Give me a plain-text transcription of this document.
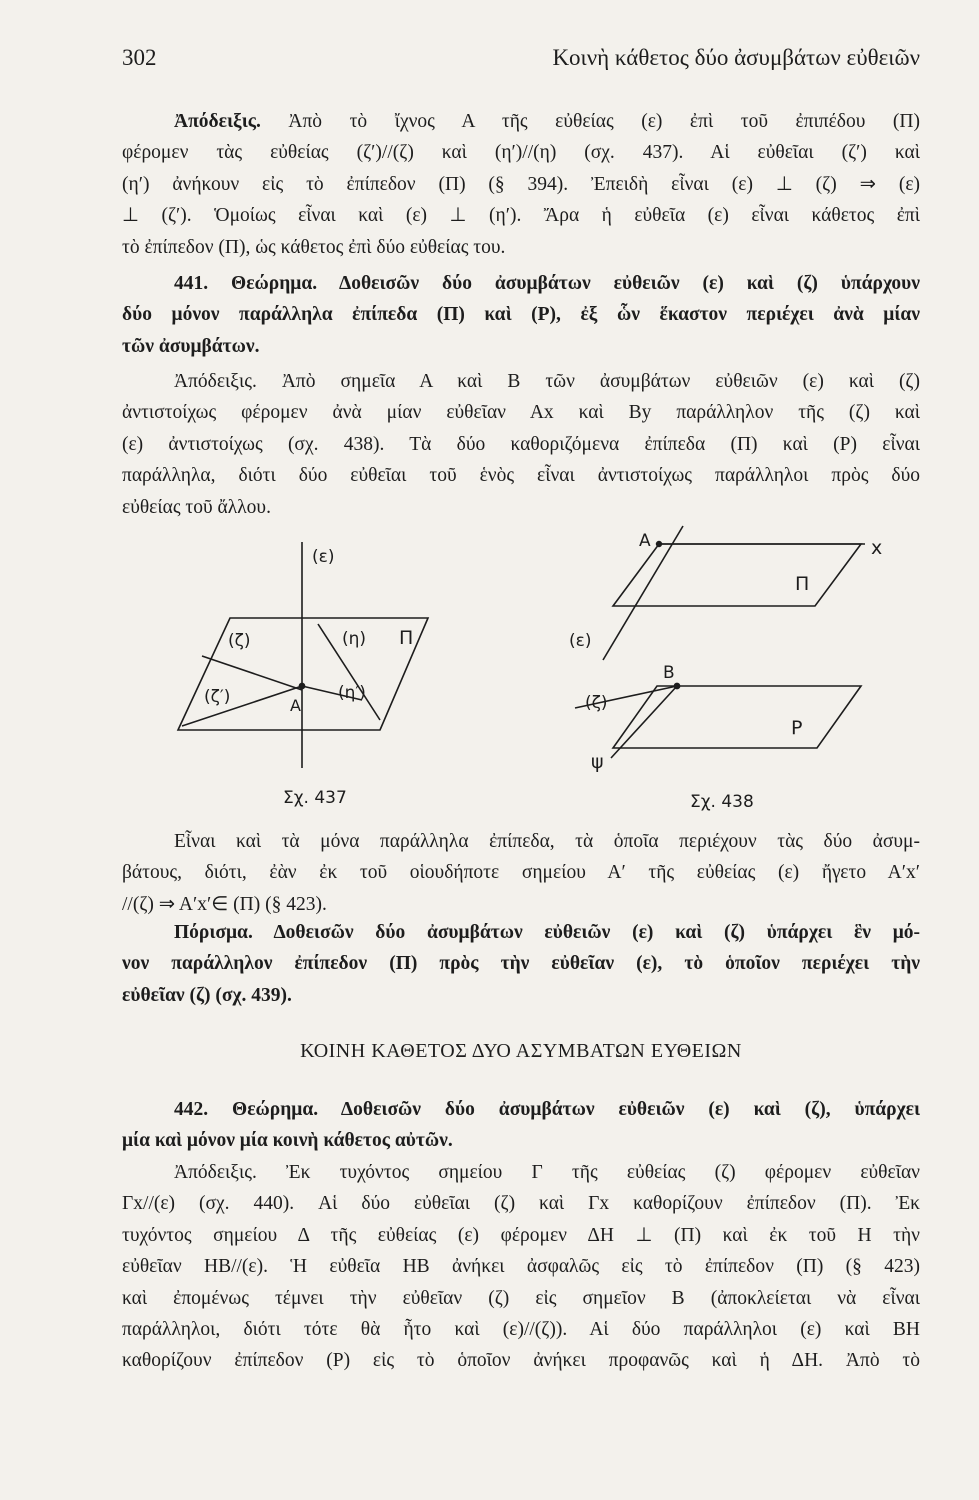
302	Κοινὴ κάθετος δύο ἀσυμβάτων εὐθειῶν
Ἀπόδειξις. Ἀπὸ τὸ ἴχνος Α τῆς εὐθείας (ε) ἐπὶ τοῦ ἐπιπέδου (Π)
φέρομεν τὰς εὐθείας (ζ′)//(ζ) καὶ (η′)//(η) (σχ. 437). Αἱ εὐθεῖαι (ζ′) καὶ
(η′) ἀνήκουν εἰς τὸ ἐπίπεδον (Π) (§ 394). Ἐπειδὴ εἶναι (ε) ⊥ (ζ) ⇒ (ε)
⊥ (ζ′). Ὁμοίως εἶναι καὶ (ε) ⊥ (η′). Ἄρα ἡ εὐθεῖα (ε) εἶναι κάθετος ἐπὶ
τὸ ἐπίπεδον (Π), ὡς κάθετος ἐπὶ δύο εὐθείας του.
441. Θεώρημα. Δοθεισῶν δύο ἀσυμβάτων εὐθειῶν (ε) καὶ (ζ) ὑπάρχουν
δύο μόνον παράλληλα ἐπίπεδα (Π) καὶ (Ρ), ἐξ ὧν ἕκαστον περιέχει ἀνὰ μίαν
τῶν ἀσυμβάτων.
Ἀπόδειξις. Ἀπὸ σημεῖα Α καὶ Β τῶν ἀσυμβάτων εὐθειῶν (ε) καὶ (ζ)
ἀντιστοίχως φέρομεν ἀνὰ μίαν εὐθεῖαν Αx καὶ Βy παράλληλον τῆς (ζ) καὶ
(ε) ἀντιστοίχως (σχ. 438). Τὰ δύο καθοριζόμενα ἐπίπεδα (Π) καὶ (Ρ) εἶναι
παράλληλα, διότι δύο εὐθεῖαι τοῦ ἑνὸς εἶναι ἀντιστοίχως παράλληλοι πρὸς δύο
εὐθείας τοῦ ἄλλου.
(ε)
(ζ)	(η) Π
(ζ′)	(η′)
Α
Σχ. 437
Α	x
Π
(ε)
Β
(ζ)
Ρ
ψ
Σχ. 438
Εἶναι καὶ τὰ μόνα παράλληλα ἐπίπεδα, τὰ ὁποῖα περιέχουν τὰς δύο ἀσυμ-
βάτους, διότι, ἐὰν ἐκ τοῦ οἱουδήποτε σημείου Α′ τῆς εὐθείας (ε) ἤγετο Α′x′
//(ζ) ⇒ Α′x′∈ (Π) (§ 423).
Πόρισμα. Δοθεισῶν δύο ἀσυμβάτων εὐθειῶν (ε) καὶ (ζ) ὑπάρχει ἓν μό-
νον παράλληλον ἐπίπεδον (Π) πρὸς τὴν εὐθεῖαν (ε), τὸ ὁποῖον περιέχει τὴν
εὐθεῖαν (ζ) (σχ. 439).
ΚΟΙΝΗ ΚΑΘΕΤΟΣ ΔΥΟ ΑΣΥΜΒΑΤΩΝ ΕΥΘΕΙΩΝ
442. Θεώρημα. Δοθεισῶν δύο ἀσυμβάτων εὐθειῶν (ε) καὶ (ζ), ὑπάρχει
μία καὶ μόνον μία κοινὴ κάθετος αὐτῶν.
Ἀπόδειξις. Ἐκ τυχόντος σημείου Γ τῆς εὐθείας (ζ) φέρομεν εὐθεῖαν
Γx//(ε) (σχ. 440). Αἱ δύο εὐθεῖαι (ζ) καὶ Γx καθορίζουν ἐπίπεδον (Π). Ἐκ
τυχόντος σημείου Δ τῆς εὐθείας (ε) φέρομεν ΔΗ ⊥ (Π) καὶ ἐκ τοῦ Η τὴν
εὐθεῖαν ΗΒ//(ε). Ἡ εὐθεῖα ΗΒ ἀνήκει ἀσφαλῶς εἰς τὸ ἐπίπεδον (Π) (§ 423)
καὶ ἐπομένως τέμνει τὴν εὐθεῖαν (ζ) εἰς σημεῖον Β (ἀποκλείεται νὰ εἶναι
παράλληλοι, διότι τότε θὰ ἦτο καὶ (ε)//(ζ)). Αἱ δύο παράλληλοι (ε) καὶ ΒΗ
καθορίζουν ἐπίπεδον (Ρ) εἰς τὸ ὁποῖον ἀνήκει προφανῶς καὶ ἡ ΔΗ. Ἀπὸ τὸ
